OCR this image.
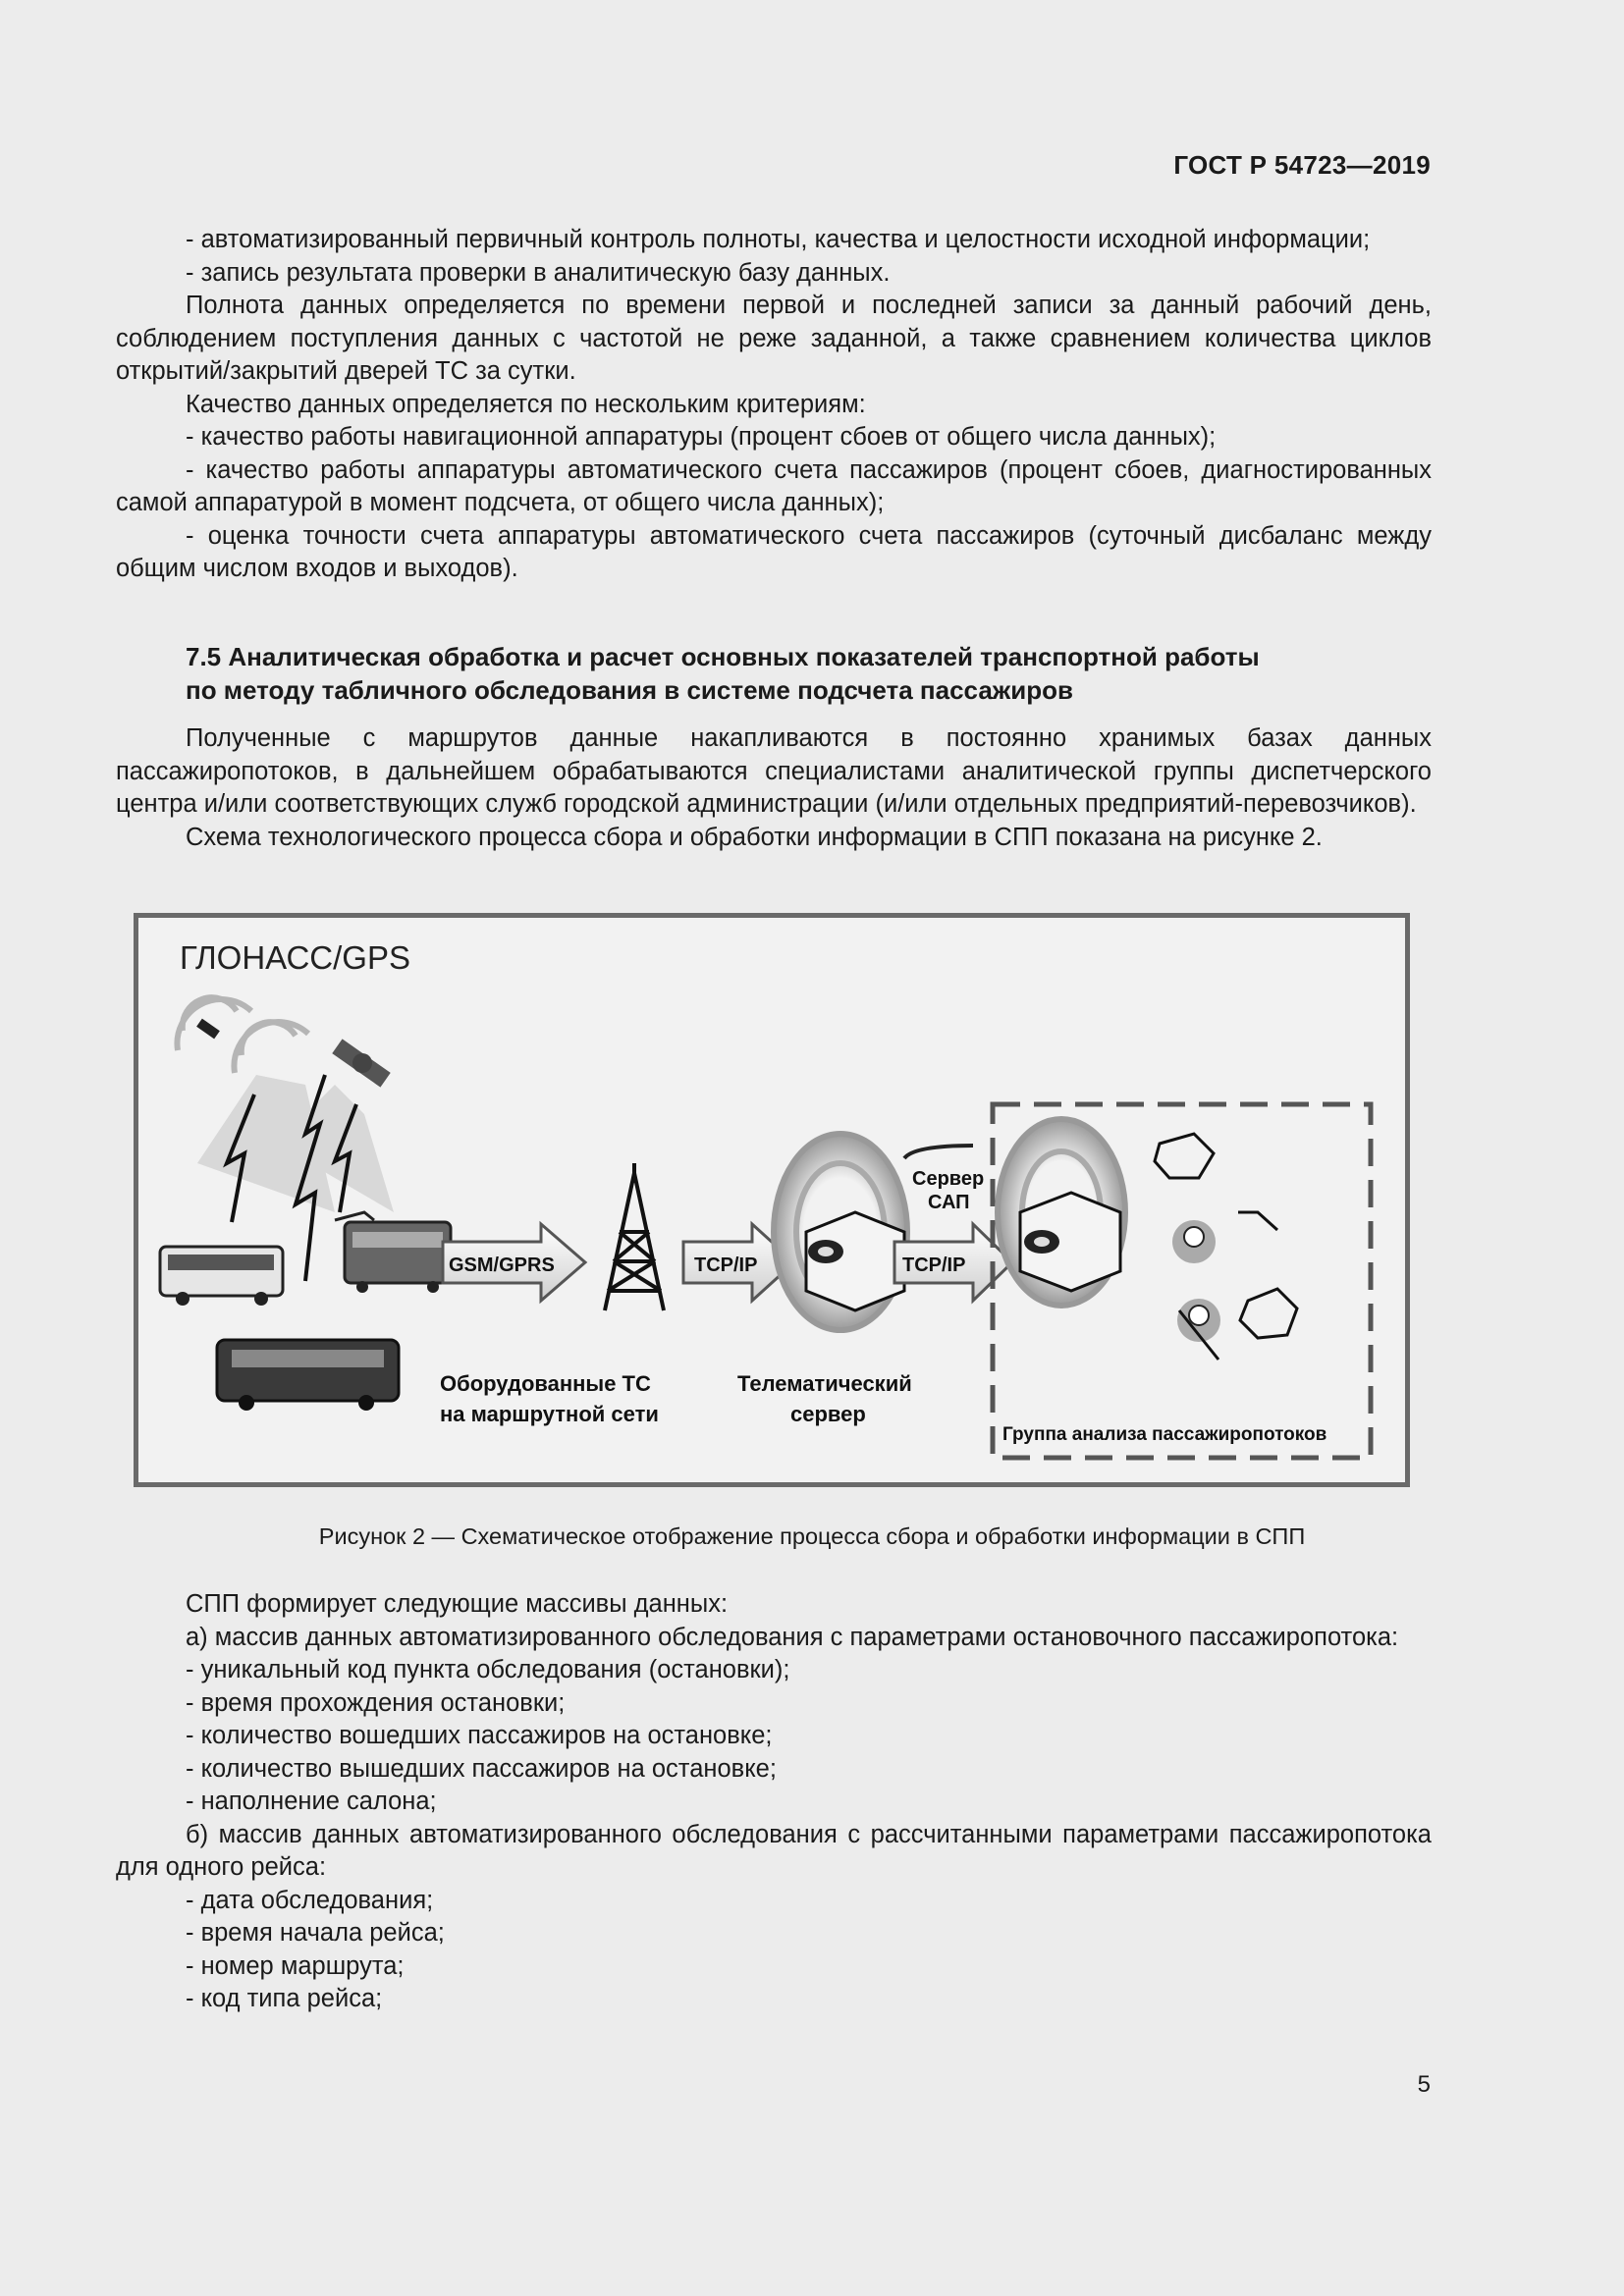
ГОСТ Р 54723—2019

- автоматизированный первичный контроль полноты, качества и целостности исходной информации;

- запись результата проверки в аналитическую базу данных.

Полнота данных определяется по времени первой и последней записи за данный рабочий день, соблюдением поступления данных с частотой не реже заданной, а также сравнением количества циклов открытий/закрытий дверей ТС за сутки.

Качество данных определяется по нескольким критериям:

- качество работы навигационной аппаратуры (процент сбоев от общего числа данных);

- качество работы аппаратуры автоматического счета пассажиров (процент сбоев, диагностированных самой аппаратурой в момент подсчета, от общего числа данных);

- оценка точности счета аппаратуры автоматического счета пассажиров (суточный дисбаланс между общим числом входов и выходов).

7.5 Аналитическая обработка и расчет основных показателей транспортной работы
по методу табличного обследования в системе подсчета пассажиров

Полученные с маршрутов данные накапливаются в постоянно хранимых базах данных пассажиропотоков, в дальнейшем обрабатываются специалистами аналитической группы диспетчерского центра и/или соответствующих служб городской администрации (и/или отдельных предприятий-перевозчиков).

Схема технологического процесса сбора и обработки информации в СПП показана на рисунке 2.

ГЛОНАСС/GPS
GSM/GPRS	TCP/IP
Сервер
САП
TCP/IP
Оборудованные ТС
на маршрутной сети
Телематический
сервер
Группа анализа пассажиропотоков
Рисунок 2 — Схематическое отображение процесса сбора и обработки информации в СПП

СПП формирует следующие массивы данных:

а) массив данных автоматизированного обследования с параметрами остановочного пассажиропотока:

- уникальный код пункта обследования (остановки);

- время прохождения остановки;

- количество вошедших пассажиров на остановке;

- количество вышедших пассажиров на остановке;

- наполнение салона;

б) массив данных автоматизированного обследования с рассчитанными параметрами пассажиропотока для одного рейса:

- дата обследования;

- время начала рейса;

- номер маршрута;

- код типа рейса;

5
